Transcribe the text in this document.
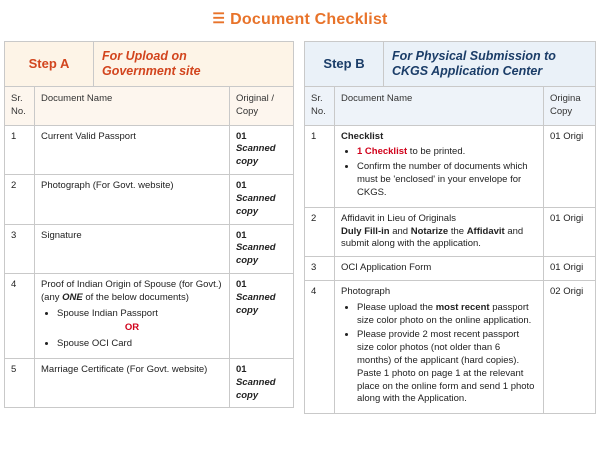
☰ Document Checklist
Step A
For Upload on
Government site		

Sr.
No.
	Document Name	Original /
Copy

1	Current Valid Passport	01 Scanned copy
2	Photograph (For Govt. website)	01 Scanned copy
3	Signature	01 Scanned copy
4	Proof of Indian Origin of Spouse (for Govt.)
(any ONE of the below documents)
• Spouse Indian Passport
OR
• Spouse OCI Card
	01 Scanned copy
5	Marriage Certificate (For Govt. website)	01 Scanned copy
Step B
For Physical Submission to
CKGS Application Center		

Sr.
No.
	Document Name	Origina
Copy

1	Checklist
• 1 Checklist to be printed.
• Confirm the number of documents which must be 'enclosed' in your envelope for CKGS.
	01 Origi
2	Affidavit in Lieu of Originals
Duly Fill-in and Notarize the Affidavit and submit along with the application.	01 Origi
3	OCI Application Form	01 Origi
4	Photograph
• Please upload the most recent passport size color photo on the online application.
• Please provide 2 most recent passport size color photos (not older than 6 months) of the applicant (hard copies). Paste 1 photo on page 1 at the relevant place on the online form and send 1 photo along with the Application.
	02 Origi
